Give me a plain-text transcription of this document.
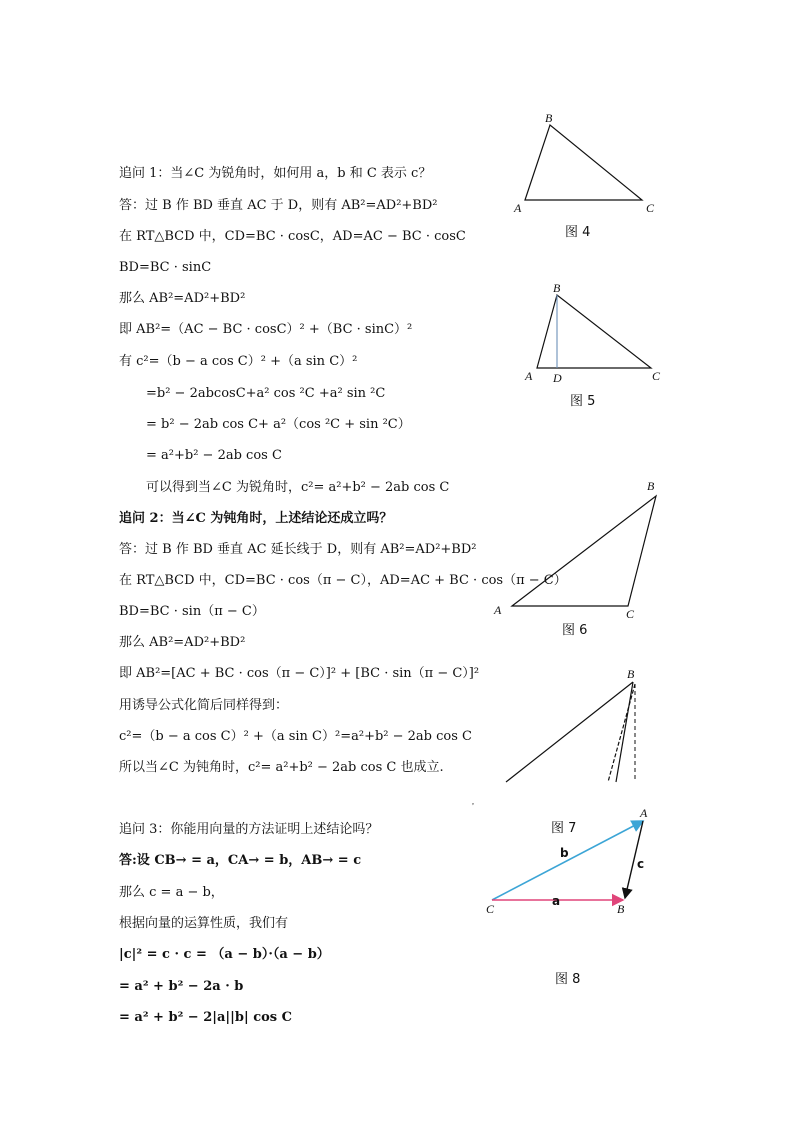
追问 1：当∠C 为锐角时，如何用 a，b 和 C 表示 c？
答：过 B 作 BD 垂直 AC 于 D，则有 AB²=AD²+BD²
在 RT△BCD 中，CD=BC · cosC，AD=AC − BC · cosC
BD=BC · sinC
那么 AB²=AD²+BD²
即 AB²=（AC − BC · cosC）² +（BC · sinC）²
有 c²=（b − a cos C）² +（a sin C）²
=b² − 2abcosC+a² cos ²C +a² sin ²C
= b² − 2ab cos C+ a²（cos ²C + sin ²C）
= a²+b² − 2ab cos C
可以得到当∠C 为锐角时，c²= a²+b² − 2ab cos C
追问 2：当∠C 为钝角时，上述结论还成立吗？
答：过 B 作 BD 垂直 AC 延长线于 D，则有 AB²=AD²+BD²
在 RT△BCD 中，CD=BC · cos（π − C），AD=AC + BC · cos（π − C）
BD=BC · sin（π − C）
那么 AB²=AD²+BD²
即 AB²=[AC + BC · cos（π − C）]² + [BC · sin（π − C）]²
用诱导公式化简后同样得到：
c²=（b − a cos C）² +（a sin C）²=a²+b² − 2ab cos C
所以当∠C 为钝角时，c²= a²+b² − 2ab cos C 也成立.
追问 3：你能用向量的方法证明上述结论吗？
答:设 CB→ = a，CA→ = b，AB→ = c
那么 c = a − b，
根据向量的运算性质，我们有
|c|² = c · c = （a − b）·（a − b）
= a² + b² − 2a · b
= a² + b² − 2|a||b| cos C
A
B
C
图 4
A
B
C
D
图 5
A
B
C
图 6
B
,
图 7
A
B
C
a
b
c
图 8
